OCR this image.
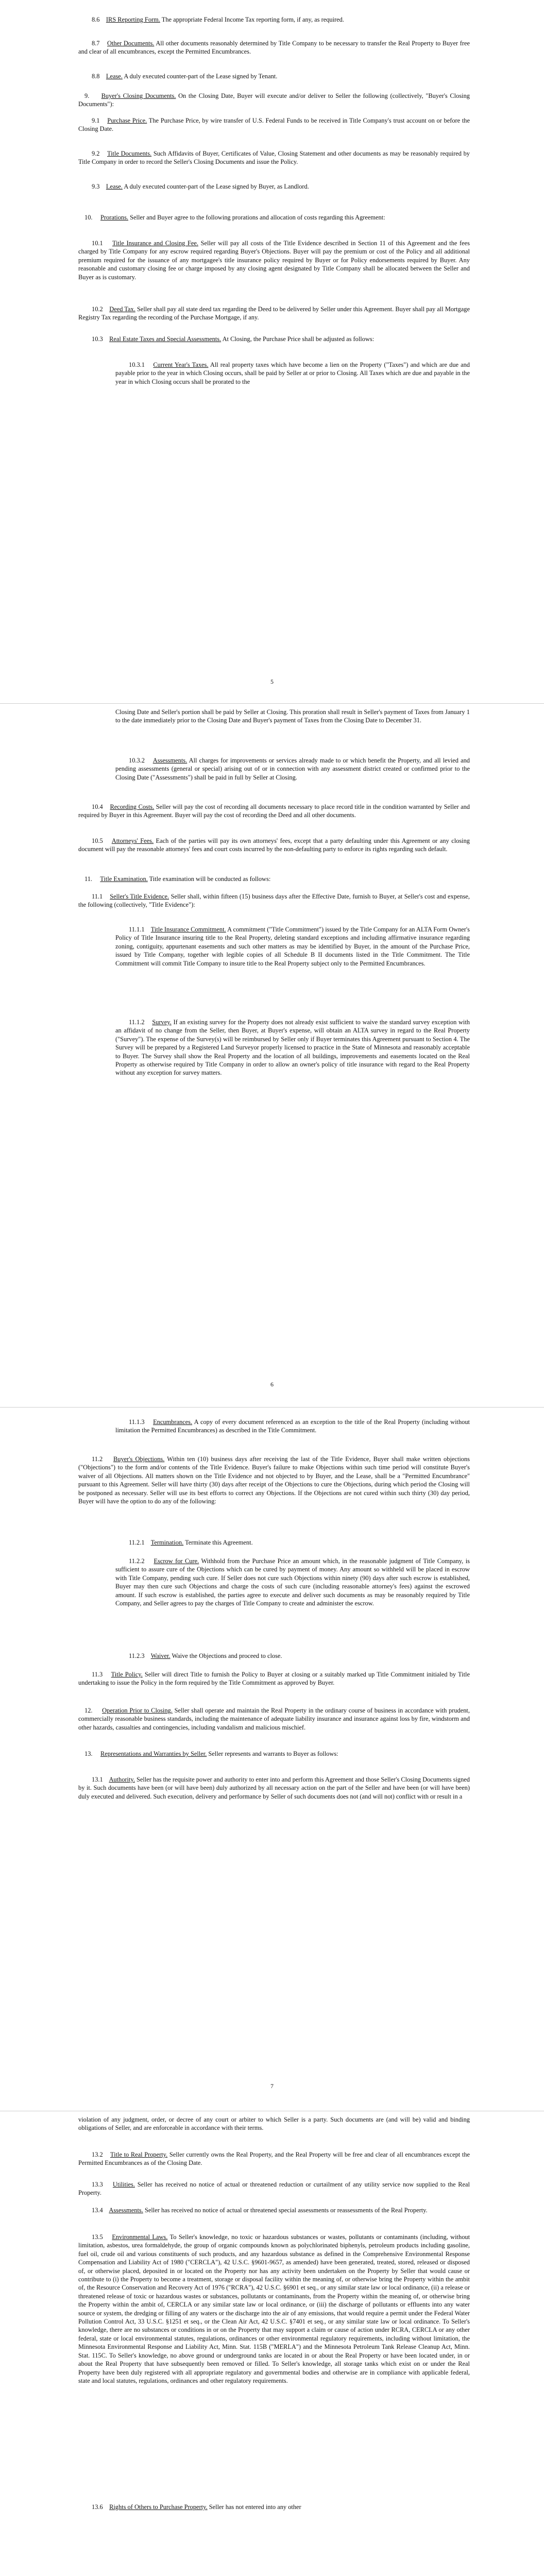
8.6 IRS Reporting Form. The appropriate Federal Income Tax reporting form, if any, as required.
8.7 Other Documents. All other documents reasonably determined by Title Company to be necessary to transfer the Real Property to Buyer free and clear of all encumbrances, except the Permitted Encumbrances.
8.8 Lease. A duly executed counter-part of the Lease signed by Tenant.
9. Buyer's Closing Documents. On the Closing Date, Buyer will execute and/or deliver to Seller the following (collectively, "Buyer's Closing Documents"):
9.1 Purchase Price. The Purchase Price, by wire transfer of U.S. Federal Funds to be received in Title Company's trust account on or before the Closing Date.
9.2 Title Documents. Such Affidavits of Buyer, Certificates of Value, Closing Statement and other documents as may be reasonably required by Title Company in order to record the Seller's Closing Documents and issue the Policy.
9.3 Lease. A duly executed counter-part of the Lease signed by Buyer, as Landlord.
10. Prorations. Seller and Buyer agree to the following prorations and allocation of costs regarding this Agreement:
10.1 Title Insurance and Closing Fee. Seller will pay all costs of the Title Evidence described in Section 11 of this Agreement and the fees charged by Title Company for any escrow required regarding Buyer's Objections. Buyer will pay the premium or cost of the Policy and all additional premium required for the issuance of any mortgagee's title insurance policy required by Buyer or for Policy endorsements required by Buyer. Any reasonable and customary closing fee or charge imposed by any closing agent designated by Title Company shall be allocated between the Seller and Buyer as is customary.
10.2 Deed Tax. Seller shall pay all state deed tax regarding the Deed to be delivered by Seller under this Agreement. Buyer shall pay all Mortgage Registry Tax regarding the recording of the Purchase Mortgage, if any.
10.3 Real Estate Taxes and Special Assessments. At Closing, the Purchase Price shall be adjusted as follows:
10.3.1 Current Year's Taxes. All real property taxes which have become a lien on the Property ("Taxes") and which are due and payable prior to the year in which Closing occurs, shall be paid by Seller at or prior to Closing. All Taxes which are due and payable in the year in which Closing occurs shall be prorated to the
5
Closing Date and Seller's portion shall be paid by Seller at Closing. This proration shall result in Seller's payment of Taxes from January 1 to the date immediately prior to the Closing Date and Buyer's payment of Taxes from the Closing Date to December 31.
10.3.2 Assessments. All charges for improvements or services already made to or which benefit the Property, and all levied and pending assessments (general or special) arising out of or in connection with any assessment district created or confirmed prior to the Closing Date ("Assessments") shall be paid in full by Seller at Closing.
10.4 Recording Costs. Seller will pay the cost of recording all documents necessary to place record title in the condition warranted by Seller and required by Buyer in this Agreement. Buyer will pay the cost of recording the Deed and all other documents.
10.5 Attorneys' Fees. Each of the parties will pay its own attorneys' fees, except that a party defaulting under this Agreement or any closing document will pay the reasonable attorneys' fees and court costs incurred by the non-defaulting party to enforce its rights regarding such default.
11. Title Examination. Title examination will be conducted as follows:
11.1 Seller's Title Evidence. Seller shall, within fifteen (15) business days after the Effective Date, furnish to Buyer, at Seller's cost and expense, the following (collectively, "Title Evidence"):
11.1.1 Title Insurance Commitment. A commitment ("Title Commitment") issued by the Title Company for an ALTA Form Owner's Policy of Title Insurance insuring title to the Real Property, deleting standard exceptions and including affirmative insurance regarding zoning, contiguity, appurtenant easements and such other matters as may be identified by Buyer, in the amount of the Purchase Price, issued by Title Company, together with legible copies of all Schedule B II documents listed in the Title Commitment. The Title Commitment will commit Title Company to insure title to the Real Property subject only to the Permitted Encumbrances.
11.1.2 Survey. If an existing survey for the Property does not already exist sufficient to waive the standard survey exception with an affidavit of no change from the Seller, then Buyer, at Buyer's expense, will obtain an ALTA survey in regard to the Real Property ("Survey"). The expense of the Survey(s) will be reimbursed by Seller only if Buyer terminates this Agreement pursuant to Section 4. The Survey will be prepared by a Registered Land Surveyor properly licensed to practice in the State of Minnesota and reasonably acceptable to Buyer. The Survey shall show the Real Property and the location of all buildings, improvements and easements located on the Real Property as otherwise required by Title Company in order to allow an owner's policy of title insurance with regard to the Real Property without any exception for survey matters.
6
11.1.3 Encumbrances. A copy of every document referenced as an exception to the title of the Real Property (including without limitation the Permitted Encumbrances) as described in the Title Commitment.
11.2 Buyer's Objections. Within ten (10) business days after receiving the last of the Title Evidence, Buyer shall make written objections ("Objections") to the form and/or contents of the Title Evidence. Buyer's failure to make Objections within such time period will constitute Buyer's waiver of all Objections. All matters shown on the Title Evidence and not objected to by Buyer, and the Lease, shall be a "Permitted Encumbrance" pursuant to this Agreement. Seller will have thirty (30) days after receipt of the Objections to cure the Objections, during which period the Closing will be postponed as necessary. Seller will use its best efforts to correct any Objections. If the Objections are not cured within such thirty (30) day period, Buyer will have the option to do any of the following:
11.2.1 Termination. Terminate this Agreement.
11.2.2 Escrow for Cure. Withhold from the Purchase Price an amount which, in the reasonable judgment of Title Company, is sufficient to assure cure of the Objections which can be cured by payment of money. Any amount so withheld will be placed in escrow with Title Company, pending such cure. If Seller does not cure such Objections within ninety (90) days after such escrow is established, Buyer may then cure such Objections and charge the costs of such cure (including reasonable attorney's fees) against the escrowed amount. If such escrow is established, the parties agree to execute and deliver such documents as may be reasonably required by Title Company, and Seller agrees to pay the charges of Title Company to create and administer the escrow.
11.2.3 Waiver. Waive the Objections and proceed to close.
11.3 Title Policy. Seller will direct Title to furnish the Policy to Buyer at closing or a suitably marked up Title Commitment initialed by Title undertaking to issue the Policy in the form required by the Title Commitment as approved by Buyer.
12. Operation Prior to Closing. Seller shall operate and maintain the Real Property in the ordinary course of business in accordance with prudent, commercially reasonable business standards, including the maintenance of adequate liability insurance and insurance against loss by fire, windstorm and other hazards, casualties and contingencies, including vandalism and malicious mischief.
13. Representations and Warranties by Seller. Seller represents and warrants to Buyer as follows:
13.1 Authority. Seller has the requisite power and authority to enter into and perform this Agreement and those Seller's Closing Documents signed by it. Such documents have been (or will have been) duly authorized by all necessary action on the part of the Seller and have been (or will have been) duly executed and delivered. Such execution, delivery and performance by Seller of such documents does not (and will not) conflict with or result in a
7
violation of any judgment, order, or decree of any court or arbiter to which Seller is a party. Such documents are (and will be) valid and binding obligations of Seller, and are enforceable in accordance with their terms.
13.2 Title to Real Property. Seller currently owns the Real Property, and the Real Property will be free and clear of all encumbrances except the Permitted Encumbrances as of the Closing Date.
13.3 Utilities. Seller has received no notice of actual or threatened reduction or curtailment of any utility service now supplied to the Real Property.
13.4 Assessments. Seller has received no notice of actual or threatened special assessments or reassessments of the Real Property.
13.5 Environmental Laws. To Seller's knowledge, no toxic or hazardous substances or wastes, pollutants or contaminants (including, without limitation, asbestos, urea formaldehyde, the group of organic compounds known as polychlorinated biphenyls, petroleum products including gasoline, fuel oil, crude oil and various constituents of such products, and any hazardous substance as defined in the Comprehensive Environmental Response Compensation and Liability Act of 1980 ("CERCLA"), 42 U.S.C. §9601-9657, as amended) have been generated, treated, stored, released or disposed of, or otherwise placed, deposited in or located on the Property nor has any activity been undertaken on the Property by Seller that would cause or contribute to (i) the Property to become a treatment, storage or disposal facility within the meaning of, or otherwise bring the Property within the ambit of, the Resource Conservation and Recovery Act of 1976 ("RCRA"), 42 U.S.C. §6901 et seq., or any similar state law or local ordinance, (ii) a release or threatened release of toxic or hazardous wastes or substances, pollutants or contaminants, from the Property within the meaning of, or otherwise bring the Property within the ambit of, CERCLA or any similar state law or local ordinance, or (iii) the discharge of pollutants or effluents into any water source or system, the dredging or filling of any waters or the discharge into the air of any emissions, that would require a permit under the Federal Water Pollution Control Act, 33 U.S.C. §1251 et seq., or the Clean Air Act, 42 U.S.C. §7401 et seq., or any similar state law or local ordinance. To Seller's knowledge, there are no substances or conditions in or on the Property that may support a claim or cause of action under RCRA, CERCLA or any other federal, state or local environmental statutes, regulations, ordinances or other environmental regulatory requirements, including without limitation, the Minnesota Environmental Response and Liability Act, Minn. Stat. 115B ("MERLA") and the Minnesota Petroleum Tank Release Cleanup Act, Minn. Stat. 115C. To Seller's knowledge, no above ground or underground tanks are located in or about the Real Property or have been located under, in or about the Real Property that have subsequently been removed or filled. To Seller's knowledge, all storage tanks which exist on or under the Real Property have been duly registered with all appropriate regulatory and governmental bodies and otherwise are in compliance with applicable federal, state and local statutes, regulations, ordinances and other regulatory requirements.
13.6 Rights of Others to Purchase Property. Seller has not entered into any other
